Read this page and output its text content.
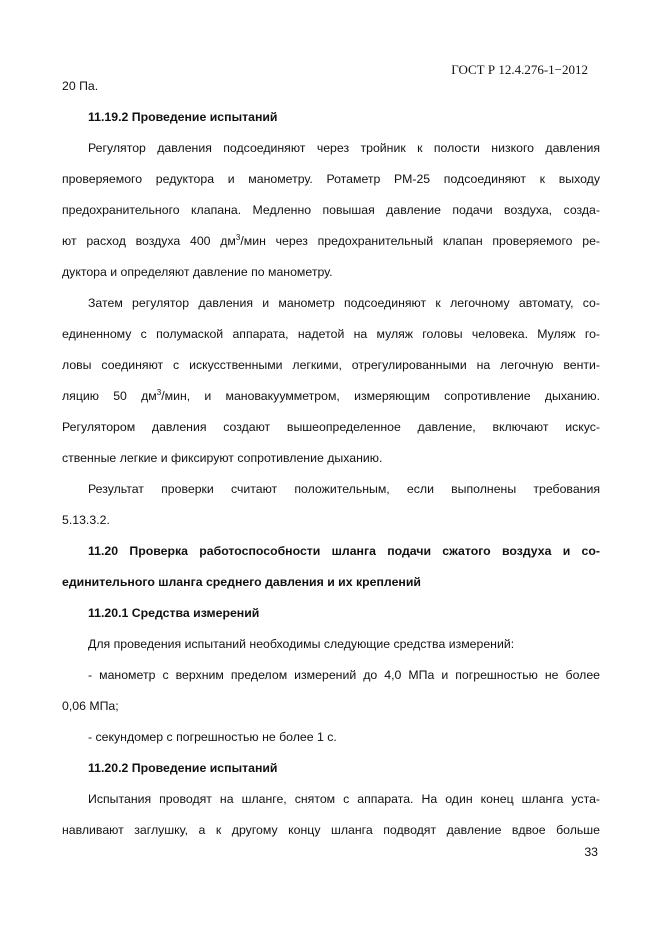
ГОСТ Р 12.4.276-1−2012
20 Па.
11.19.2 Проведение испытаний
Регулятор давления подсоединяют через тройник к полости низкого давления
проверяемого редуктора и манометру. Ротаметр РМ-25 подсоединяют к выходу
предохранительного клапана. Медленно повышая давление подачи воздуха, созда-
ют расход воздуха 400 $дм^3$/мин через предохранительный клапан проверяемого ре-
дуктора и определяют давление по манометру.
Затем регулятор давления и манометр подсоединяют к легочному автомату, со-
единенному с полумаской аппарата, надетой на муляж головы человека. Муляж го-
ловы соединяют с искусственными легкими, отрегулированными на легочную венти-
ляцию 50 $дм^3$/мин, и мановакуумметром, измеряющим сопротивление дыханию.
Регулятором давления создают вышеопределенное давление, включают искус-
ственные легкие и фиксируют сопротивление дыханию.
Результат проверки считают положительным, если выполнены требования
5.13.3.2.
11.20 Проверка работоспособности шланга подачи сжатого воздуха и со-
единительного шланга среднего давления и их креплений
11.20.1 Средства измерений
Для проведения испытаний необходимы следующие средства измерений:
- манометр с верхним пределом измерений до 4,0 МПа и погрешностью не более
0,06 МПа;
- секундомер с погрешностью не более 1 с.
11.20.2 Проведение испытаний
Испытания проводят на шланге, снятом с аппарата. На один конец шланга уста-
навливают заглушку, а к другому концу шланга подводят давление вдвое больше
33
